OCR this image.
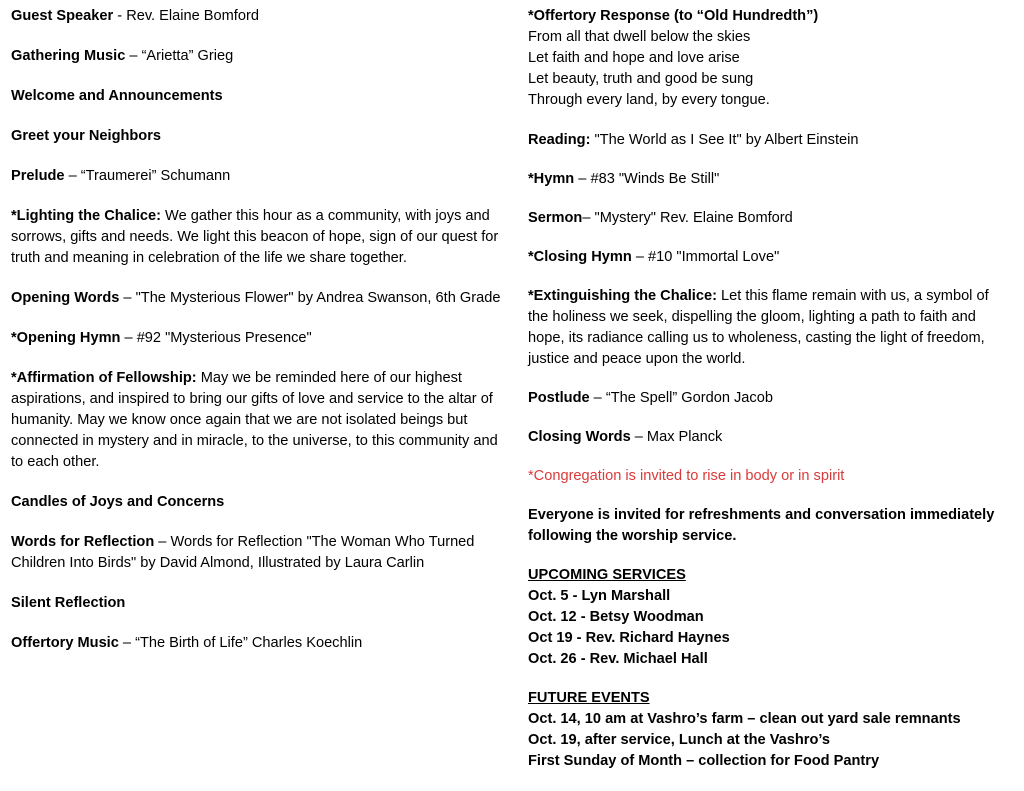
Guest Speaker - Rev. Elaine Bomford
Gathering Music – “Arietta” Grieg
Welcome and Announcements
Greet your Neighbors
Prelude – “Traumerei” Schumann
*Lighting the Chalice: We gather this hour as a community, with joys and sorrows, gifts and needs. We light this beacon of hope, sign of our quest for truth and meaning in celebration of the life we share together.
Opening Words – "The Mysterious Flower" by Andrea Swanson, 6th Grade
*Opening Hymn – #92 "Mysterious Presence"
*Affirmation of Fellowship: May we be reminded here of our highest aspirations, and inspired to bring our gifts of love and service to the altar of humanity. May we know once again that we are not isolated beings but connected in mystery and in miracle, to the universe, to this community and to each other.
Candles of Joys and Concerns
Words for Reflection – Words for Reflection "The Woman Who Turned Children Into Birds" by David Almond, Illustrated by Laura Carlin
Silent Reflection
Offertory Music – “The Birth of Life” Charles Koechlin
*Offertory Response (to “Old Hundredth”)
From all that dwell below the skies
Let faith and hope and love arise
Let beauty, truth and good be sung
Through every land, by every tongue.
Reading: "The World as I See It" by Albert Einstein
*Hymn – #83 "Winds Be Still"
Sermon– "Mystery" Rev. Elaine Bomford
*Closing Hymn – #10 "Immortal Love"
*Extinguishing the Chalice: Let this flame remain with us, a symbol of the holiness we seek, dispelling the gloom, lighting a path to faith and hope, its radiance calling us to wholeness, casting the light of freedom, justice and peace upon the world.
Postlude – “The Spell” Gordon Jacob
Closing Words – Max Planck
*Congregation is invited to rise in body or in spirit
Everyone is invited for refreshments and conversation immediately following the worship service.
UPCOMING SERVICES
Oct. 5 - Lyn Marshall
Oct. 12 - Betsy Woodman
Oct 19 - Rev. Richard Haynes
Oct. 26 - Rev. Michael Hall
FUTURE EVENTS
Oct. 14, 10 am at Vashro’s farm – clean out yard sale remnants
Oct. 19, after service, Lunch at the Vashro’s
First Sunday of Month – collection for Food Pantry
